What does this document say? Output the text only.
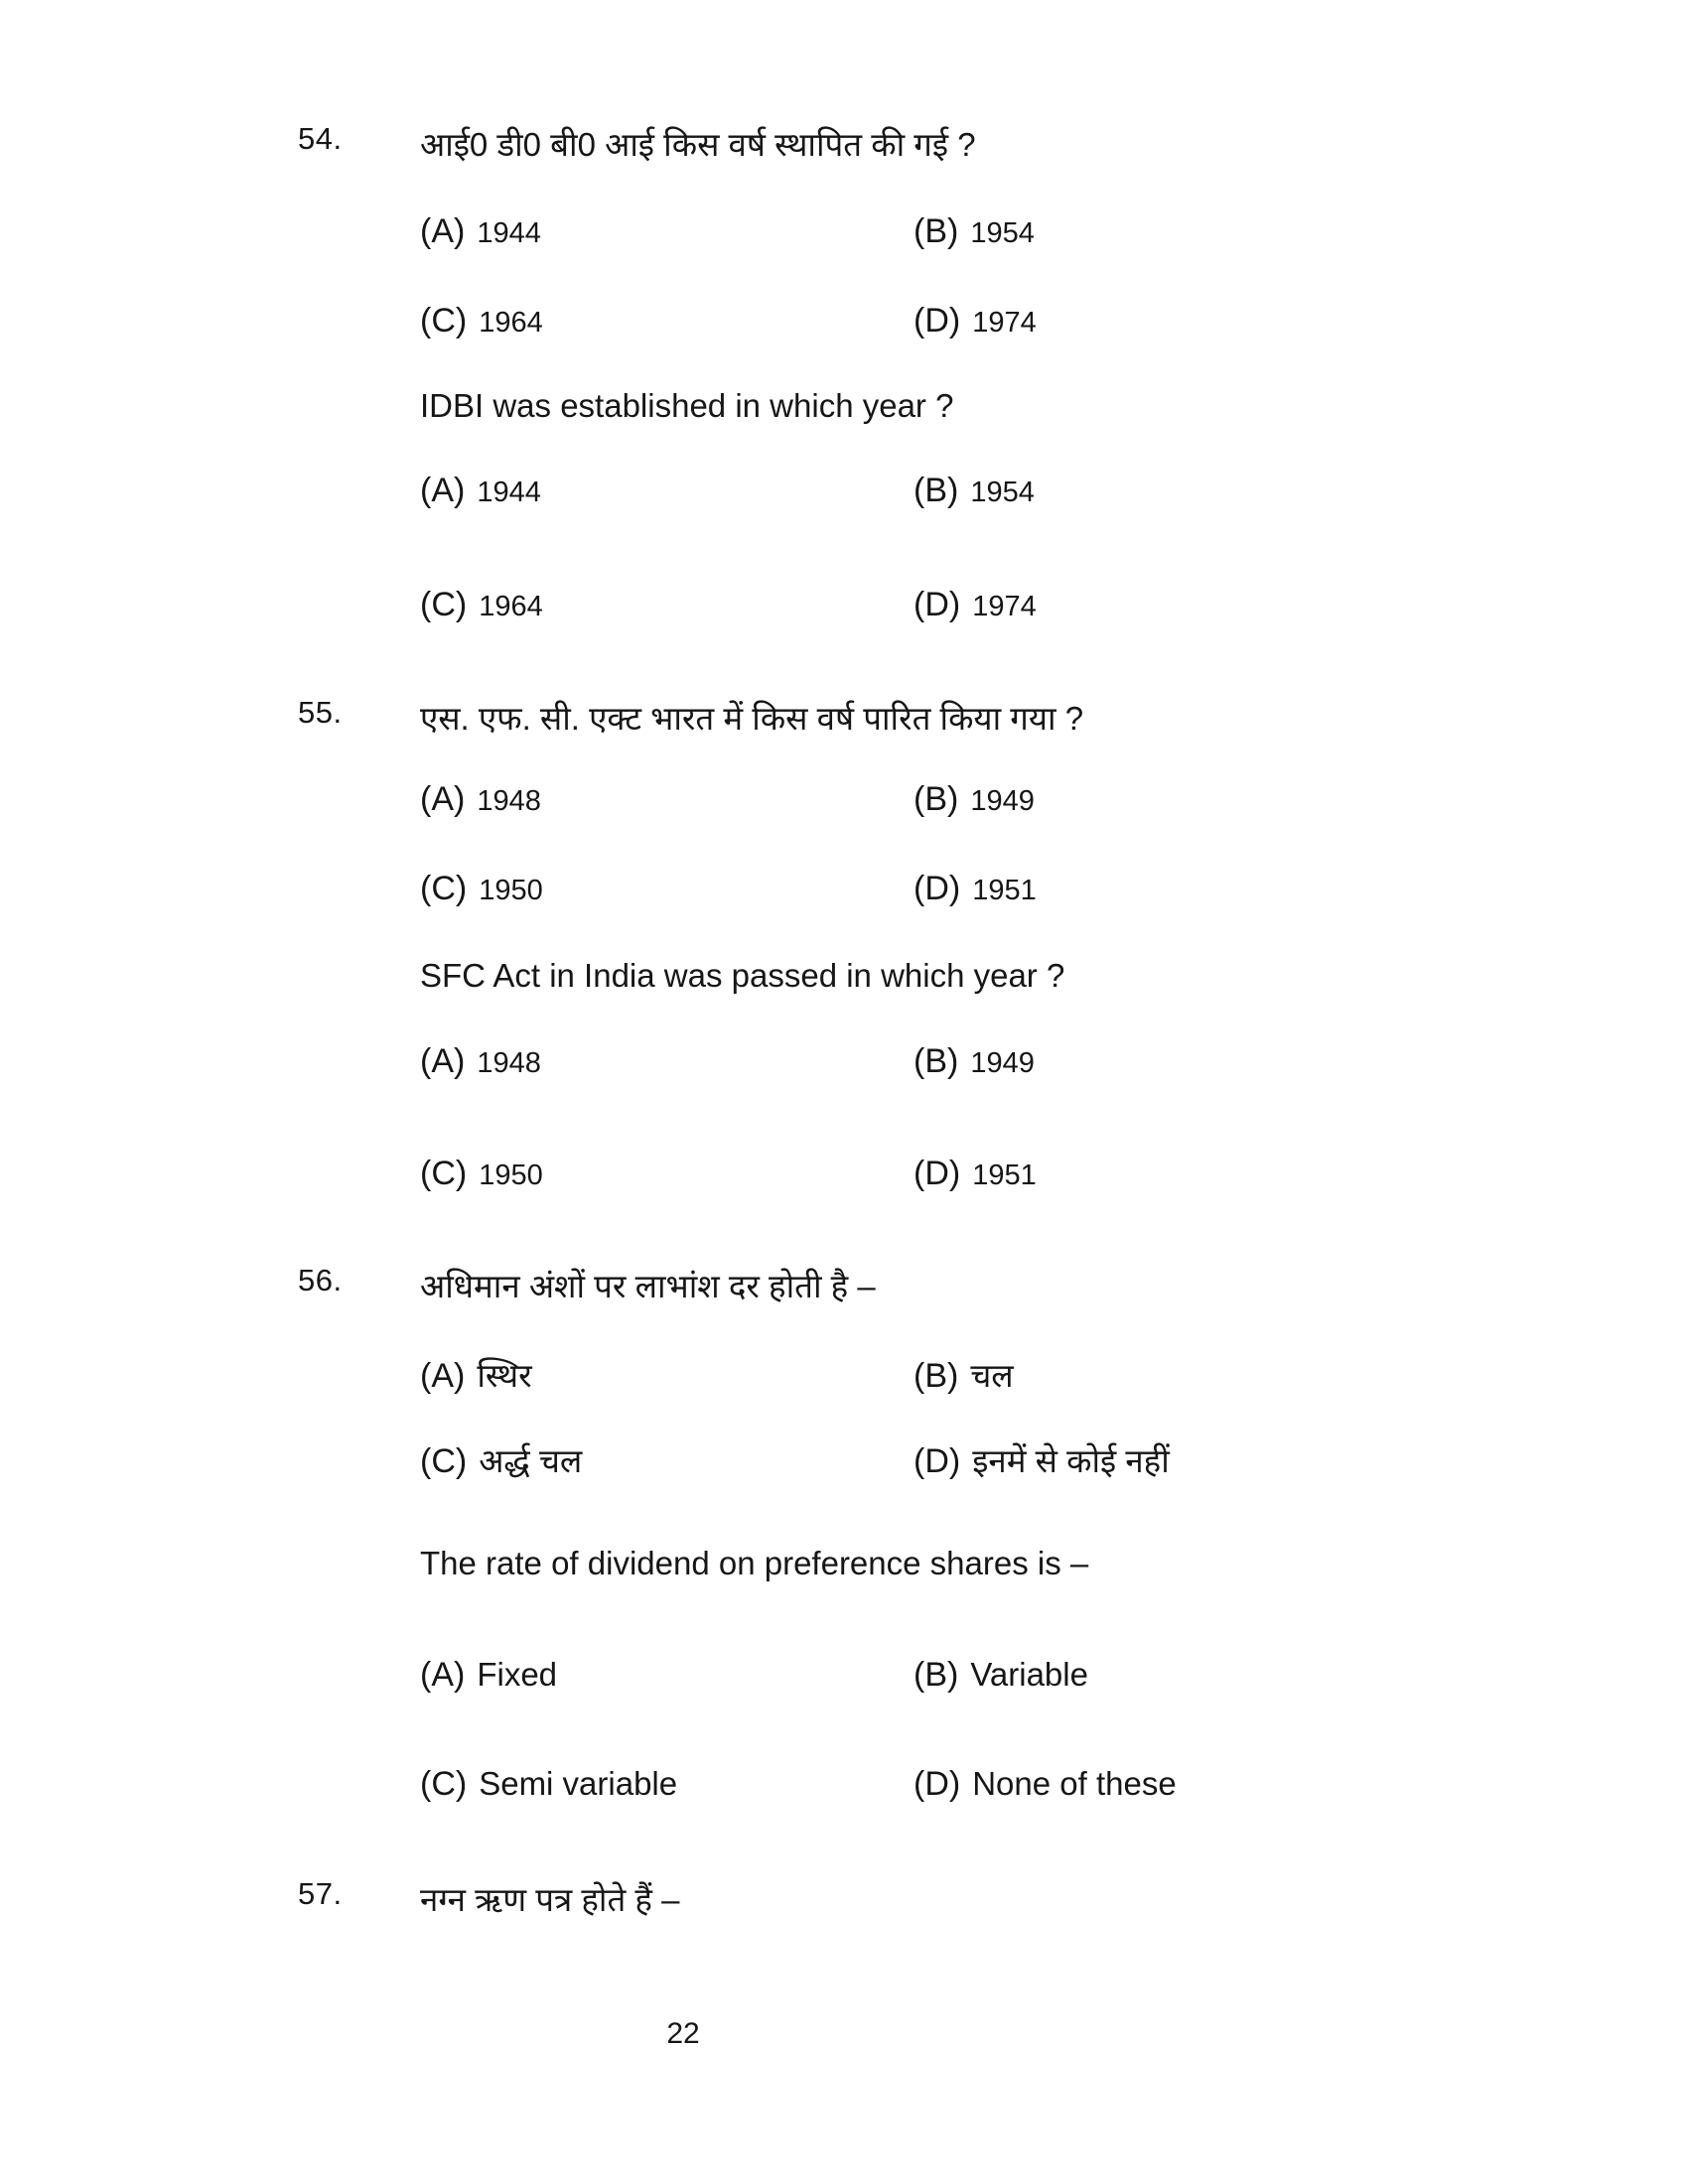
54. आई0 डी0 बी0 आई किस वर्ष स्थापित की गई ?
(A) 1944	(B) 1954
(C) 1964	(D) 1974
IDBI was established in which year ?
(A) 1944	(B) 1954
(C) 1964	(D) 1974
55. एस. एफ. सी. एक्ट भारत में किस वर्ष पारित किया गया ?
(A) 1948	(B) 1949
(C) 1950	(D) 1951
SFC Act in India was passed in which year ?
(A) 1948	(B) 1949
(C) 1950	(D) 1951
56. अधिमान अंशों पर लाभांश दर होती है –
(A) स्थिर	(B) चल
(C) अर्द्ध चल	(D) इनमें से कोई नहीं
The rate of dividend on preference shares is –
(A) Fixed	(B) Variable
(C) Semi variable	(D) None of these
57. नग्न ऋण पत्र होते हैं –
22
